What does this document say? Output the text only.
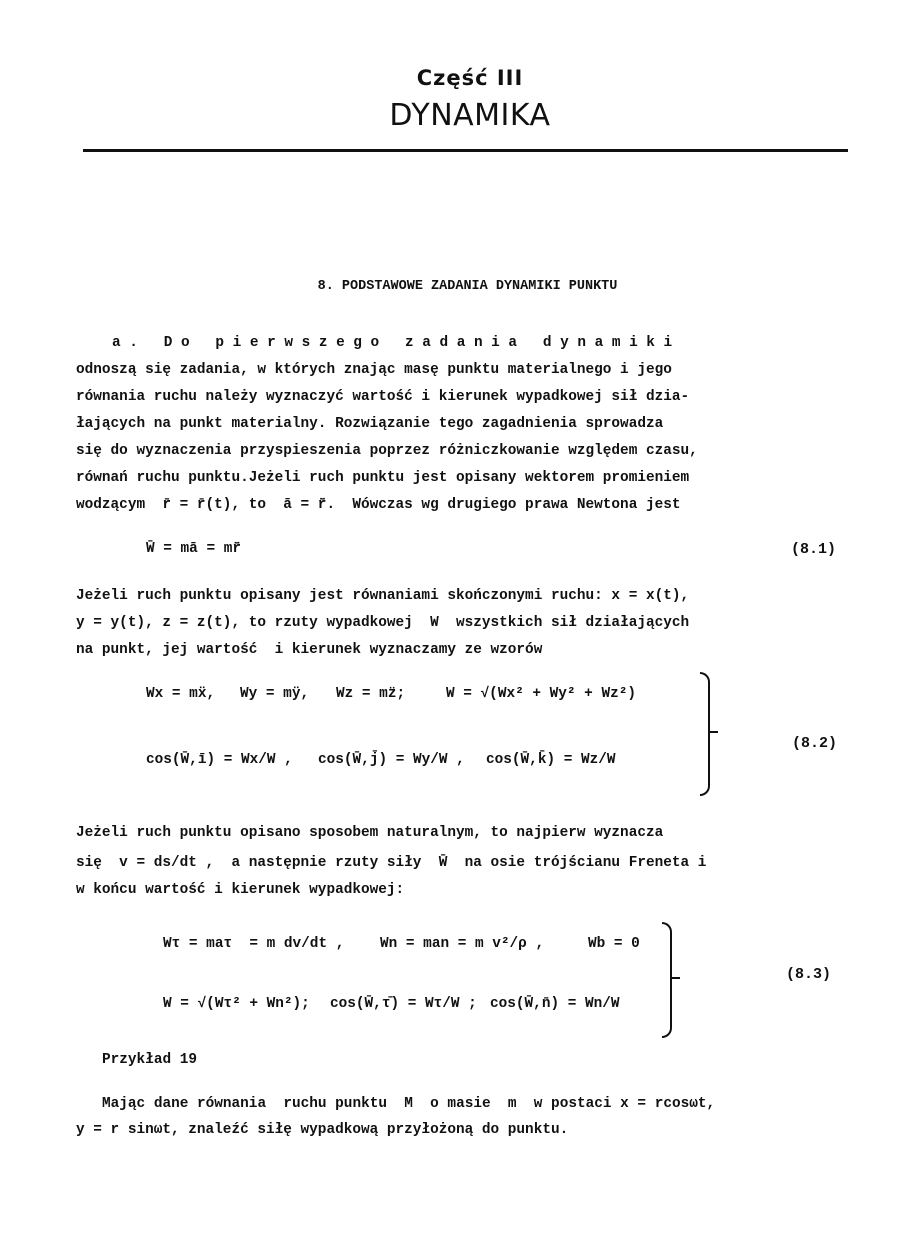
Część III
DYNAMIKA
8. PODSTAWOWE ZADANIA DYNAMIKI PUNKTU
a. Do pierwszego zadania dynamiki
odnoszą się zadania, w których znając masę punktu materialnego i jego
równania ruchu należy wyznaczyć wartość i kierunek wypadkowej sił dzia-
łających na punkt materialny. Rozwiązanie tego zagadnienia sprowadza
się do wyznaczenia przyspieszenia poprzez różniczkowanie względem czasu,
równań ruchu punktu.Jeżeli ruch punktu jest opisany wektorem promieniem
wodzącym  r̄ = r̄(t), to  ā = r̄̈.  Wówczas wg drugiego prawa Newtona jest
W̄ = mā = mr̄̈	(8.1)
Jeżeli ruch punktu opisany jest równaniami skończonymi ruchu: x = x(t),
y = y(t), z = z(t), to rzuty wypadkowej  W  wszystkich sił działających
na punkt, jej wartość  i kierunek wyznaczamy ze wzorów
Wx = mẍ, Wy = mÿ, Wz = mz̈;	W = √(Wx² + Wy² + Wz²)
cos(W̄,ī) = Wx/W , cos(W̄,j̄) = Wy/W , cos(W̄,k̄) = Wz/W
(8.2)
Jeżeli ruch punktu opisano sposobem naturalnym, to najpierw wyznacza
się  v = ds/dt ,  a następnie rzuty siły  W̄  na osie trójścianu Freneta i
w końcu wartość i kierunek wypadkowej:
Wτ = maτ  = m dv/dt , Wn = man = m v²/ρ ,	Wb = 0
W = √(Wτ² + Wn²); cos(W̄,τ̄) = Wτ/W ; cos(W̄,n̄) = Wn/W
(8.3)
Przykład 19
Mając dane równania  ruchu punktu  M  o masie  m  w postaci x = rcosωt,
y = r sinωt, znaleźć siłę wypadkową przyłożoną do punktu.
